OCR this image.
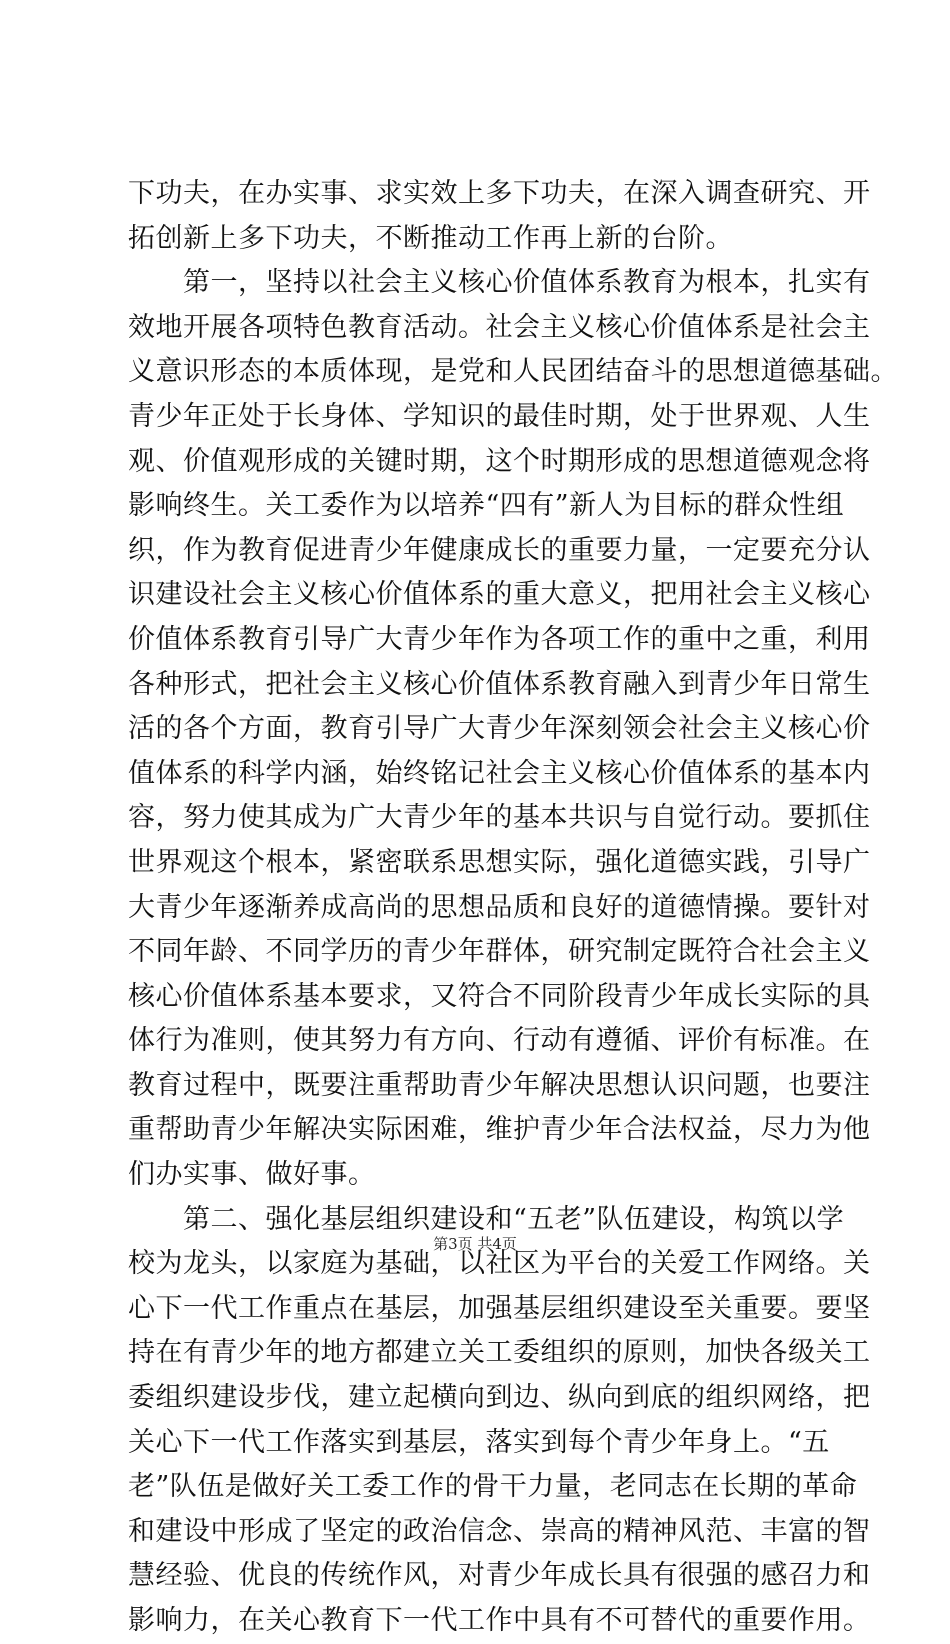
下功夫，在办实事、求实效上多下功夫，在深入调查研究、开
拓创新上多下功夫，不断推动工作再上新的台阶。
　　第一，坚持以社会主义核心价值体系教育为根本，扎实有
效地开展各项特色教育活动。社会主义核心价值体系是社会主
义意识形态的本质体现，是党和人民团结奋斗的思想道德基础。
青少年正处于长身体、学知识的最佳时期，处于世界观、人生
观、价值观形成的关键时期，这个时期形成的思想道德观念将
影响终生。关工委作为以培养“四有”新人为目标的群众性组
织，作为教育促进青少年健康成长的重要力量，一定要充分认
识建设社会主义核心价值体系的重大意义，把用社会主义核心
价值体系教育引导广大青少年作为各项工作的重中之重，利用
各种形式，把社会主义核心价值体系教育融入到青少年日常生
活的各个方面，教育引导广大青少年深刻领会社会主义核心价
值体系的科学内涵，始终铭记社会主义核心价值体系的基本内
容，努力使其成为广大青少年的基本共识与自觉行动。要抓住
世界观这个根本，紧密联系思想实际，强化道德实践，引导广
大青少年逐渐养成高尚的思想品质和良好的道德情操。要针对
不同年龄、不同学历的青少年群体，研究制定既符合社会主义
核心价值体系基本要求，又符合不同阶段青少年成长实际的具
体行为准则，使其努力有方向、行动有遵循、评价有标准。在
教育过程中，既要注重帮助青少年解决思想认识问题，也要注
重帮助青少年解决实际困难，维护青少年合法权益，尽力为他
们办实事、做好事。
　　第二、强化基层组织建设和“五老”队伍建设，构筑以学
校为龙头，以家庭为基础，以社区为平台的关爱工作网络。关
心下一代工作重点在基层，加强基层组织建设至关重要。要坚
持在有青少年的地方都建立关工委组织的原则，加快各级关工
委组织建设步伐，建立起横向到边、纵向到底的组织网络，把
关心下一代工作落实到基层，落实到每个青少年身上。“五
老”队伍是做好关工委工作的骨干力量，老同志在长期的革命
和建设中形成了坚定的政治信念、崇高的精神风范、丰富的智
慧经验、优良的传统作风，对青少年成长具有很强的感召力和
影响力，在关心教育下一代工作中具有不可替代的重要作用。
第3页 共4页
